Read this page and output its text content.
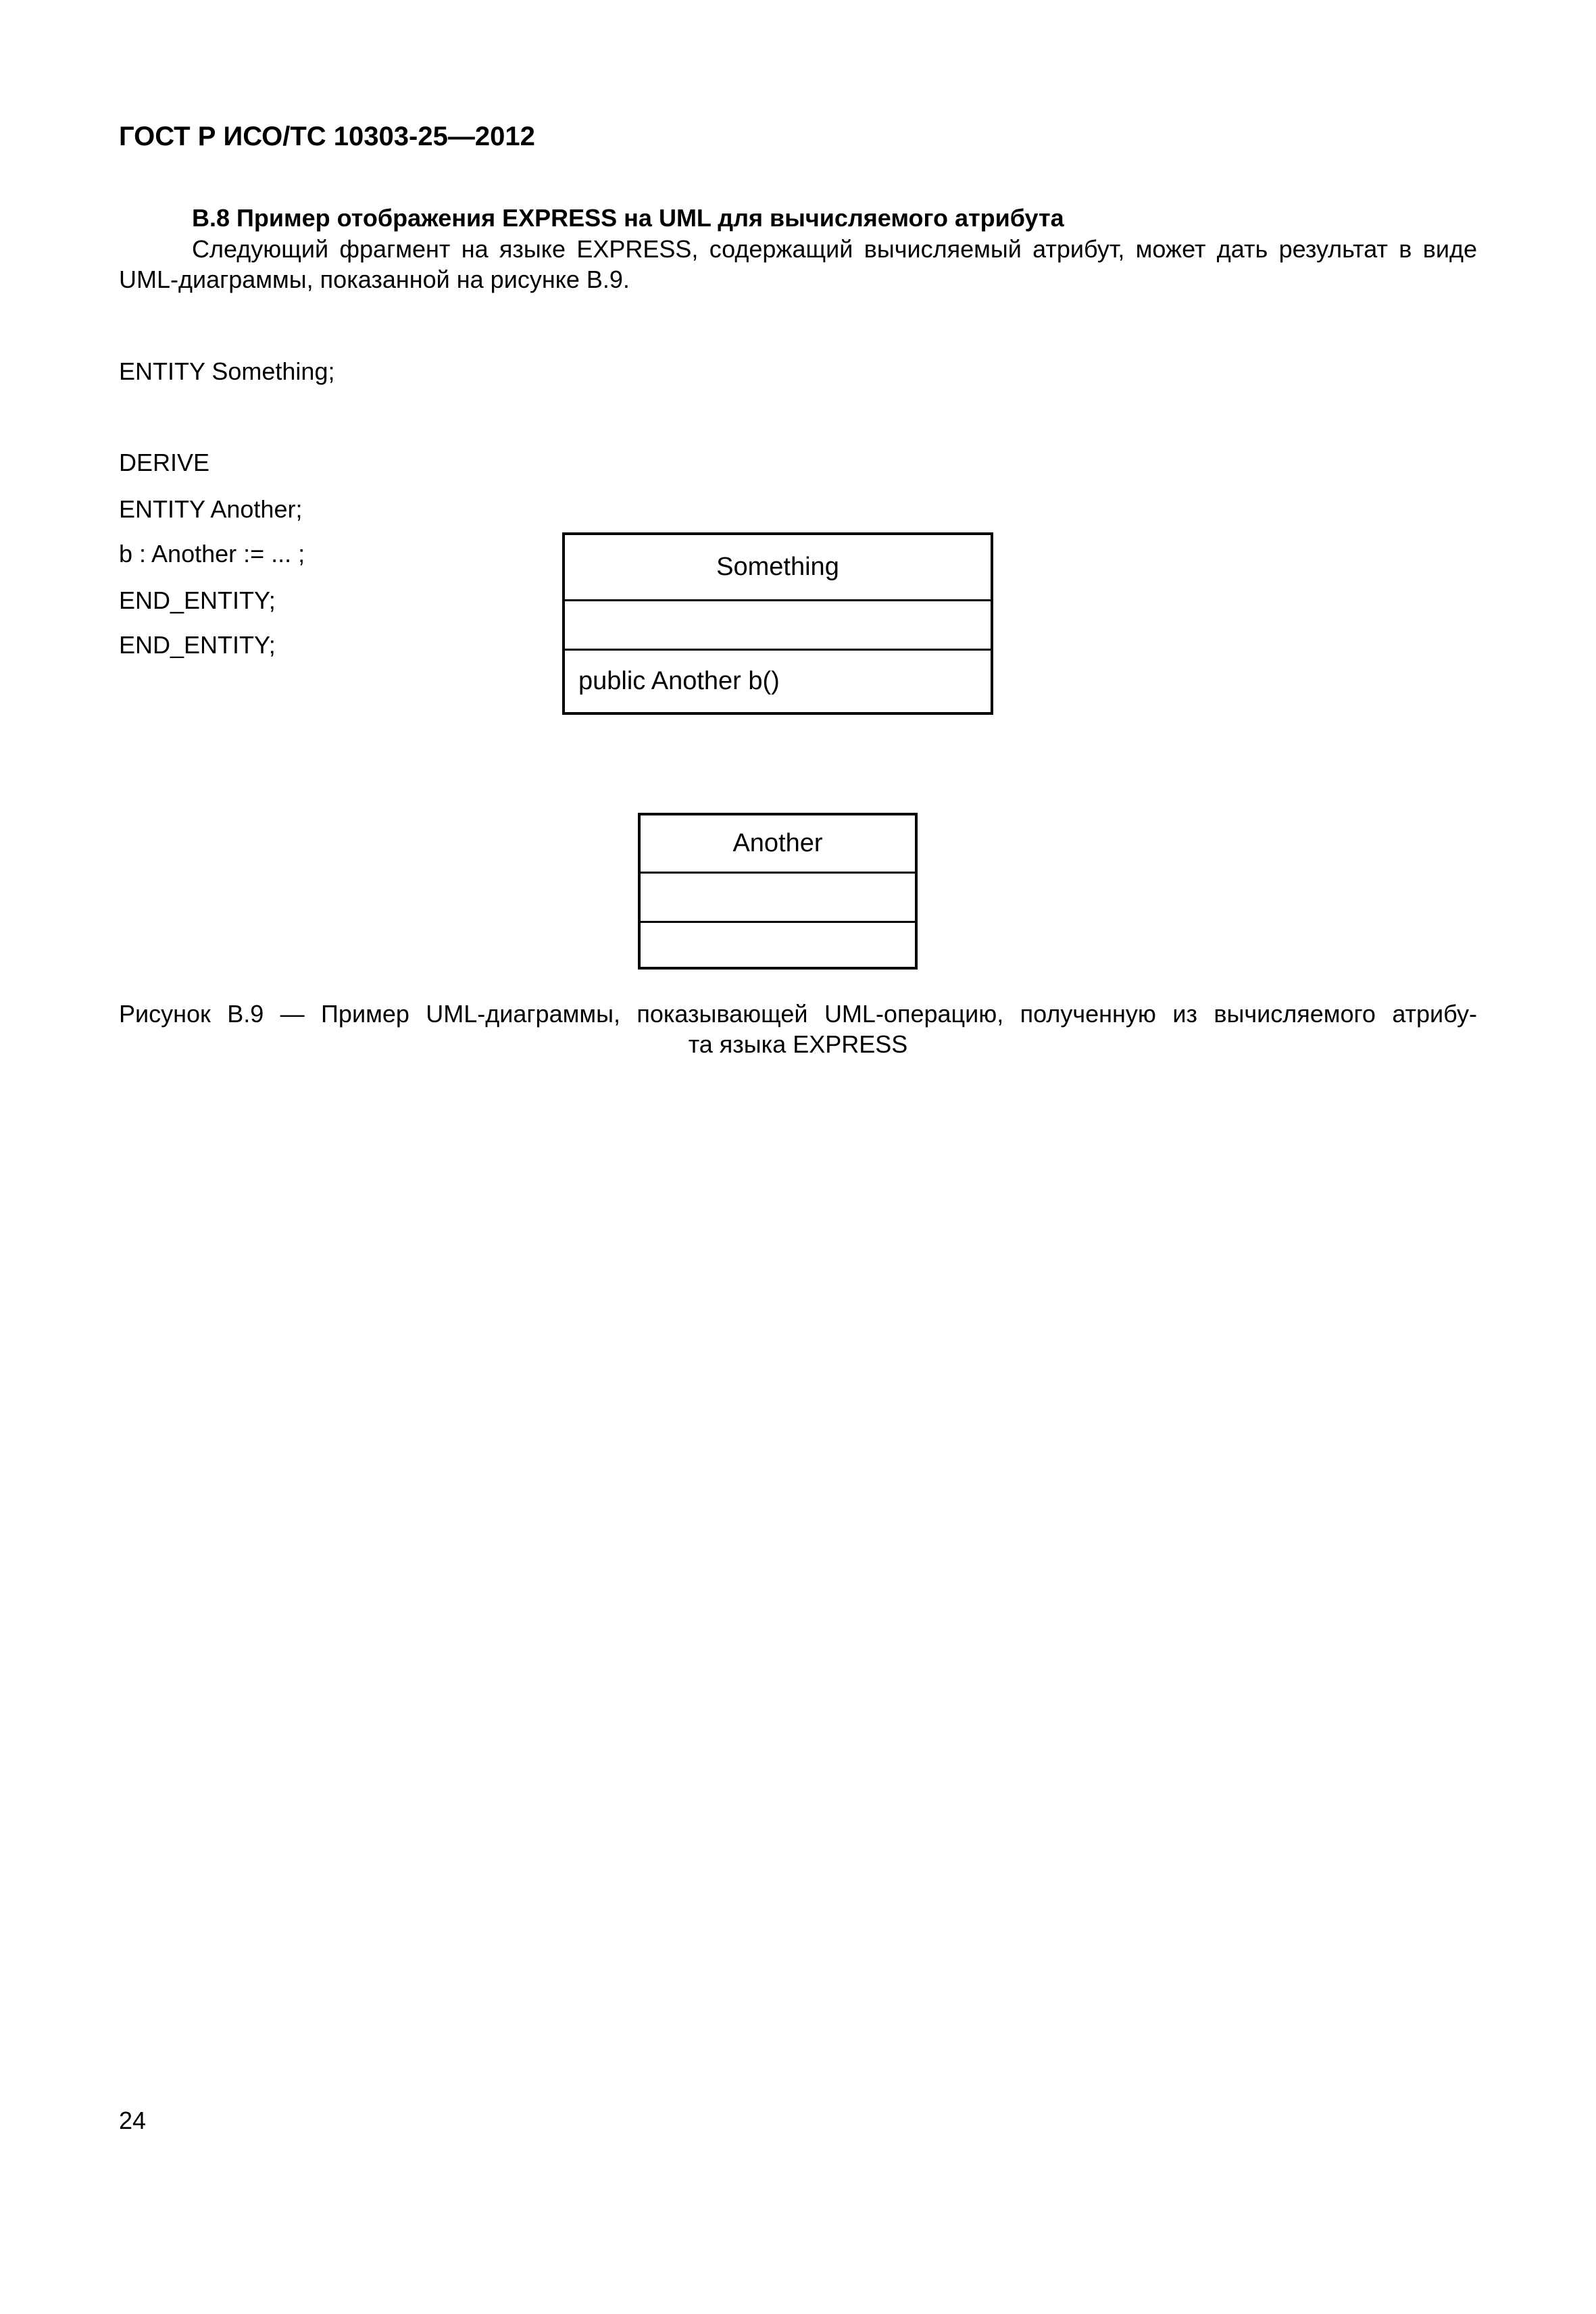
ГОСТ Р ИСО/ТС 10303-25—2012
В.8 Пример отображения EXPRESS на UML для вычисляемого атрибута

Следующий фрагмент на языке EXPRESS, содержащий вычисляемый атрибут, может дать результат в виде UML-диаграммы, показанной на рисунке В.9.

ENTITY Something;

DERIVE

b : Another := ... ;

END_ENTITY;

ENTITY Another;

END_ENTITY;

Something
public Another b()
Another

Рисунок В.9 — Пример UML-диаграммы, показывающей UML-операцию, полученную из вычисляемого атрибу-
та языка EXPRESS

24
